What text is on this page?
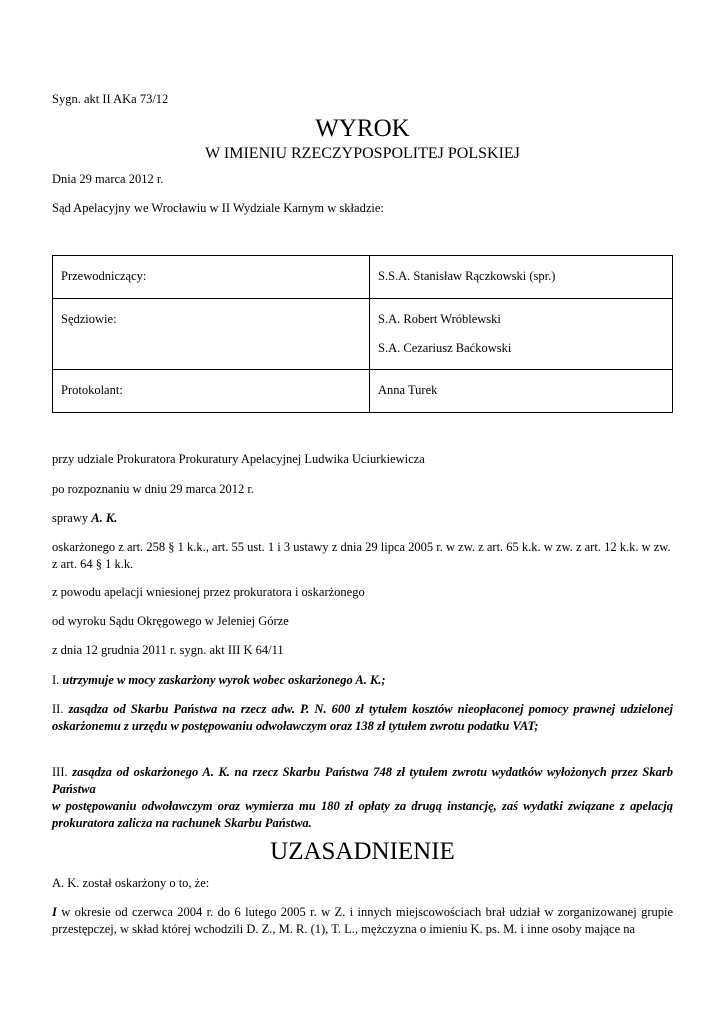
Sygn. akt II AKa 73/12
WYROK
W IMIENIU RZECZYPOSPOLITEJ POLSKIEJ
Dnia 29 marca 2012 r.
Sąd Apelacyjny we Wrocławiu w II Wydziale Karnym w składzie:
Przewodniczący:	S.S.A. Stanisław Rączkowski (spr.)
Sędziowie:	S.A. Robert Wróblewski
S.A. Cezariusz Baćkowski

Protokolant:	Anna Turek
przy udziale Prokuratora Prokuratury Apelacyjnej Ludwika Uciurkiewicza
po rozpoznaniu w dniu 29 marca 2012 r.
sprawy A. K.
oskarżonego z art. 258 § 1 k.k., art. 55 ust. 1 i 3 ustawy z dnia 29 lipca 2005 r. w zw. z art. 65 k.k. w zw. z art. 12 k.k. w zw. z art. 64 § 1 k.k.
z powodu apelacji wniesionej przez prokuratora i oskarżonego
od wyroku Sądu Okręgowego w Jeleniej Górze
z dnia 12 grudnia 2011 r. sygn. akt III K 64/11
I. utrzymuje w mocy zaskarżony wyrok wobec oskarżonego A. K.;
II. zasądza od Skarbu Państwa na rzecz adw. P. N. 600 zł tytułem kosztów nieopłaconej pomocy prawnej udzielonej oskarżonemu z urzędu w postępowaniu odwoławczym oraz 138 zł tytułem zwrotu podatku VAT;
III. zasądza od oskarżonego A. K. na rzecz Skarbu Państwa 748 zł tytułem zwrotu wydatków wyłożonych przez Skarb Państwa
w postępowaniu odwoławczym oraz wymierza mu 180 zł opłaty za drugą instancję, zaś wydatki związane z apelacją prokuratora zalicza na rachunek Skarbu Państwa.
UZASADNIENIE
A. K. został oskarżony o to, że:
I w okresie od czerwca 2004 r. do 6 lutego 2005 r. w Z. i innych miejscowościach brał udział w zorganizowanej grupie przestępczej, w skład której wchodzili D. Z., M. R. (1), T. L., mężczyzna o imieniu K. ps. M. i inne osoby mające na
